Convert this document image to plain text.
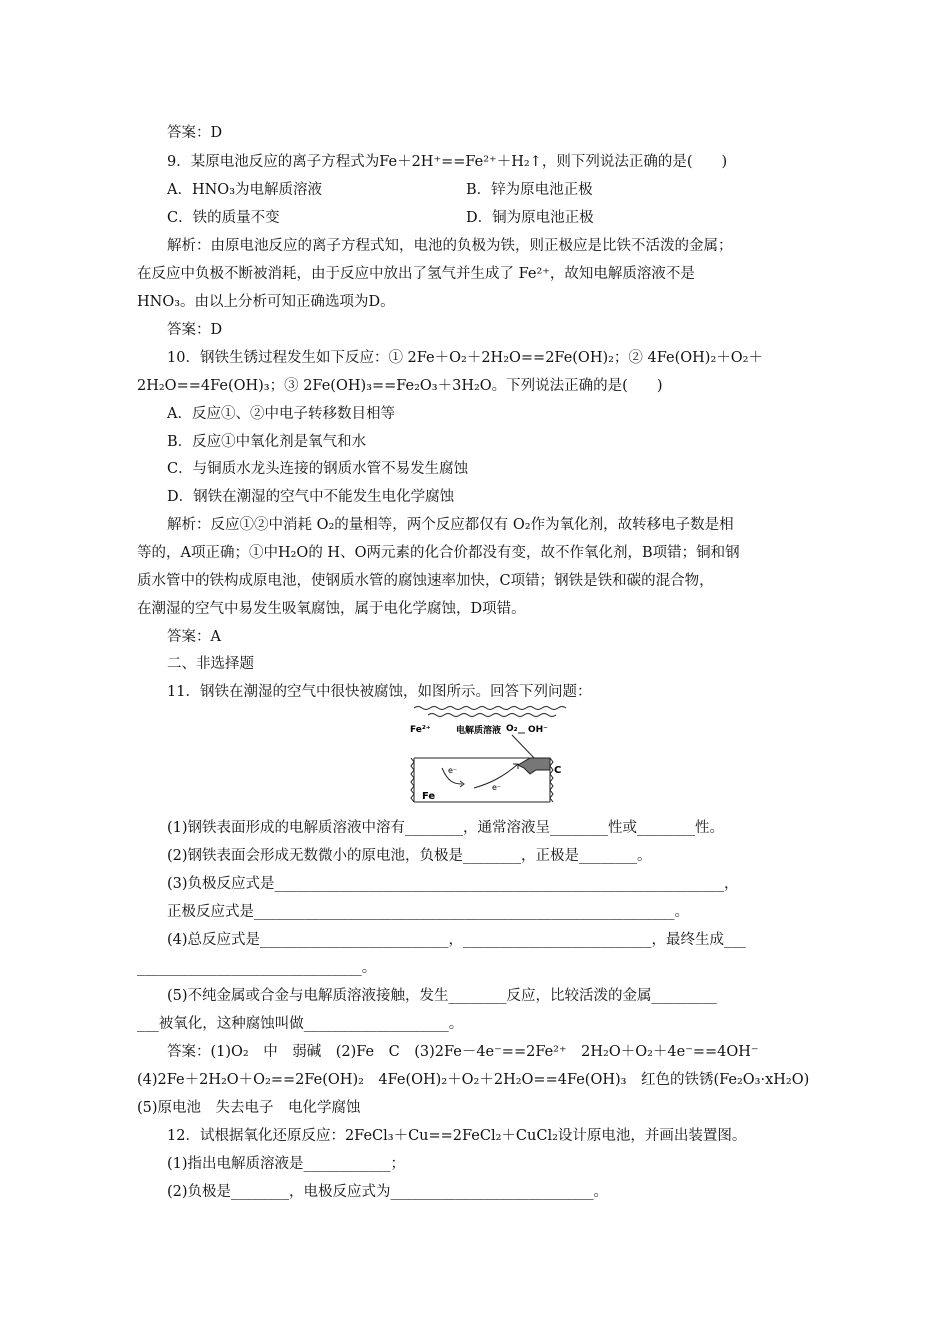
答案：D
9．某原电池反应的离子方程式为Fe＋2H⁺==Fe²⁺＋H₂↑，则下列说法正确的是(　　)
A．HNO₃为电解质溶液	B．锌为原电池正极
C．铁的质量不变	D．铜为原电池正极
解析：由原电池反应的离子方程式知，电池的负极为铁，则正极应是比铁不活泼的金属；
在反应中负极不断被消耗，由于反应中放出了氢气并生成了 Fe²⁺，故知电解质溶液不是
HNO₃。由以上分析可知正确选项为D。
答案：D
10．钢铁生锈过程发生如下反应：① 2Fe＋O₂＋2H₂O==2Fe(OH)₂；② 4Fe(OH)₂＋O₂＋
2H₂O==4Fe(OH)₃；③ 2Fe(OH)₃==Fe₂O₃＋3H₂O。下列说法正确的是(　　)
A．反应①、②中电子转移数目相等
B．反应①中氧化剂是氧气和水
C．与铜质水龙头连接的钢质水管不易发生腐蚀
D．钢铁在潮湿的空气中不能发生电化学腐蚀
解析：反应①②中消耗 O₂的量相等，两个反应都仅有 O₂作为氧化剂，故转移电子数是相
等的，A项正确；①中H₂O的 H、O两元素的化合价都没有变，故不作氧化剂，B项错；铜和钢
质水管中的铁构成原电池，使钢质水管的腐蚀速率加快，C项错；钢铁是铁和碳的混合物，
在潮湿的空气中易发生吸氧腐蚀，属于电化学腐蚀，D项错。
答案：A
二、非选择题
11．钢铁在潮湿的空气中很快被腐蚀，如图所示。回答下列问题：
Fe²⁺	电解质溶液 O₂ OH⁻
C
e⁻
e⁻
Fe
(1)钢铁表面形成的电解质溶液中溶有________，通常溶液呈________性或________性。
(2)钢铁表面会形成无数微小的原电池，负极是________，正极是________。
(3)负极反应式是______________________________________________________________，
正极反应式是__________________________________________________________。
(4)总反应式是__________________________，__________________________，最终生成___
_______________________________。
(5)不纯金属或合金与电解质溶液接触，发生________反应，比较活泼的金属_________
___被氧化，这种腐蚀叫做____________________。
答案：(1)O₂　中　弱碱　(2)Fe　C　(3)2Fe－4e⁻==2Fe²⁺　2H₂O＋O₂＋4e⁻==4OH⁻
(4)2Fe＋2H₂O＋O₂==2Fe(OH)₂　4Fe(OH)₂＋O₂＋2H₂O==4Fe(OH)₃　红色的铁锈(Fe₂O₃·xH₂O)
(5)原电池　失去电子　电化学腐蚀
12．试根据氧化还原反应：2FeCl₃＋Cu==2FeCl₂＋CuCl₂设计原电池，并画出装置图。
(1)指出电解质溶液是____________；
(2)负极是________，电极反应式为____________________________。
